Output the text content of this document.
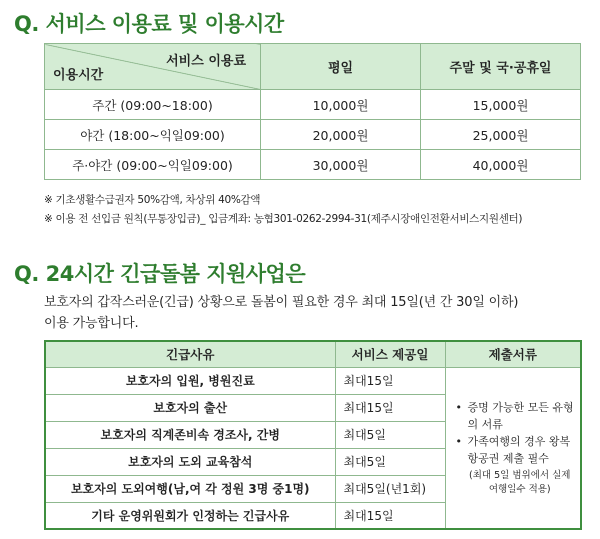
Q. 서비스 이용료 및 이용시간
서비스 이용료
이용시간	평일	주말 및 국·공휴일
주간 (09:00~18:00)	10,000원	15,000원
야간 (18:00~익일09:00)	20,000원	25,000원
주·야간 (09:00~익일09:00)	30,000원	40,000원
※ 기초생활수급권자 50%감액, 차상위 40%감액
※ 이용 전 선입금 원칙(무통장입금)_ 입금계좌: 농협301-0262-2994-31(제주시장애인전환서비스지원센터)
Q. 24시간 긴급돌봄 지원사업은
보호자의 갑작스러운(긴급) 상황으로 돌봄이 필요한 경우 최대 15일(년 간 30일 이하)
이용 가능합니다.
긴급사유	서비스 제공일	제출서류
보호자의 입원, 병원진료	최대15일	• 증명 가능한 모든 유형의 서류
• 가족여행의 경우 왕복항공권 제출 필수
(최대 5일 범위에서 실제 여행일수 적용)

보호자의 출산	최대15일	
보호자의 직계존비속 경조사, 간병	최대5일	
보호자의 도외 교육참석	최대5일	
보호자의 도외여행(남,여 각 정원 3명 중1명)	최대5일(년1회)	
기타 운영위원회가 인정하는 긴급사유	최대15일	
